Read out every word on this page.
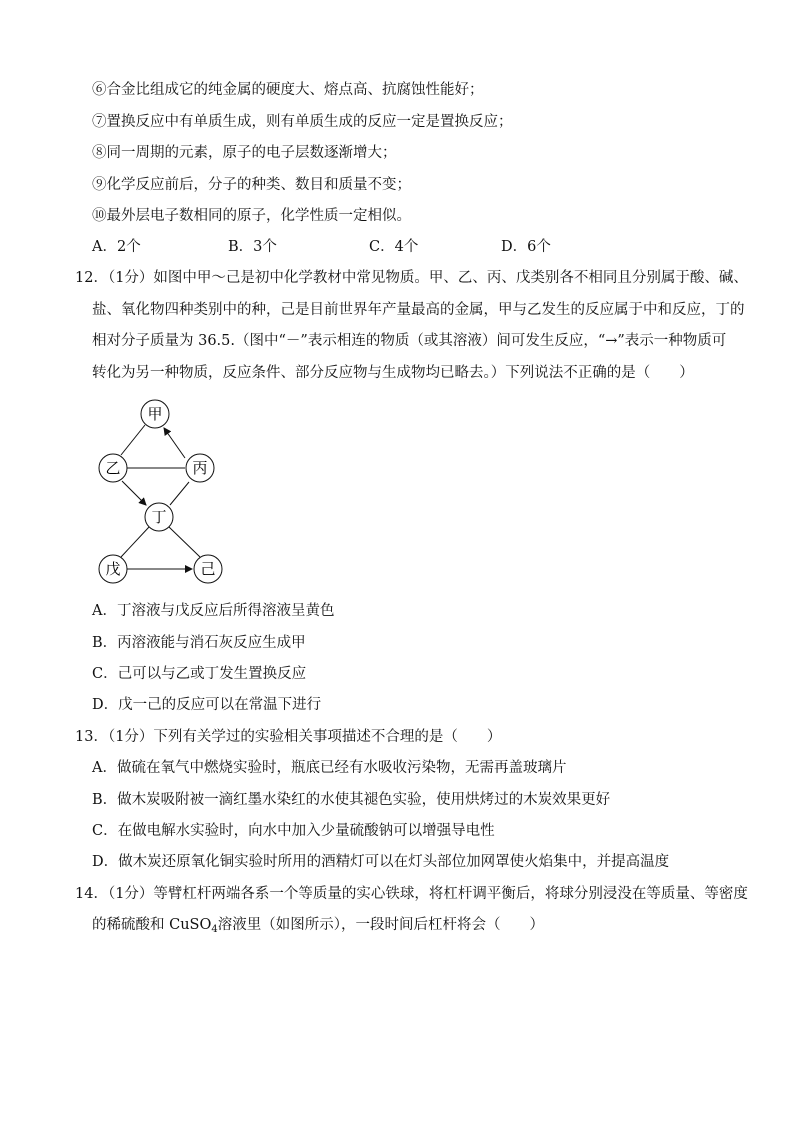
⑥合金比组成它的纯金属的硬度大、熔点高、抗腐蚀性能好；
⑦置换反应中有单质生成，则有单质生成的反应一定是置换反应；
⑧同一周期的元素，原子的电子层数逐渐增大；
⑨化学反应前后，分子的种类、数目和质量不变；
⑩最外层电子数相同的原子，化学性质一定相似。
A．2个	B．3个	C．4个	D．6个
12．（1分）如图中甲～己是初中化学教材中常见物质。甲、乙、丙、戊类别各不相同且分别属于酸、碱、
盐、氧化物四种类别中的种，己是目前世界年产量最高的金属，甲与乙发生的反应属于中和反应，丁的
相对分子质量为 36.5.（图中“－”表示相连的物质（或其溶液）间可发生反应，“→”表示一种物质可
转化为另一种物质，反应条件、部分反应物与生成物均已略去。）下列说法不正确的是（　　）
甲
乙	丙
丁
戊	己
A．丁溶液与戊反应后所得溶液呈黄色
B．丙溶液能与消石灰反应生成甲
C．己可以与乙或丁发生置换反应
D．戊一己的反应可以在常温下进行
13．（1分）下列有关学过的实验相关事项描述不合理的是（　　）
A．做硫在氧气中燃烧实验时，瓶底已经有水吸收污染物，无需再盖玻璃片
B．做木炭吸附被一滴红墨水染红的水使其褪色实验，使用烘烤过的木炭效果更好
C．在做电解水实验时，向水中加入少量硫酸钠可以增强导电性
D．做木炭还原氧化铜实验时所用的酒精灯可以在灯头部位加网罩使火焰集中，并提高温度
14．（1分）等臂杠杆两端各系一个等质量的实心铁球，将杠杆调平衡后，将球分别浸没在等质量、等密度
的稀硫酸和 CuSO$_4$溶液里（如图所示），一段时间后杠杆将会（　　）
